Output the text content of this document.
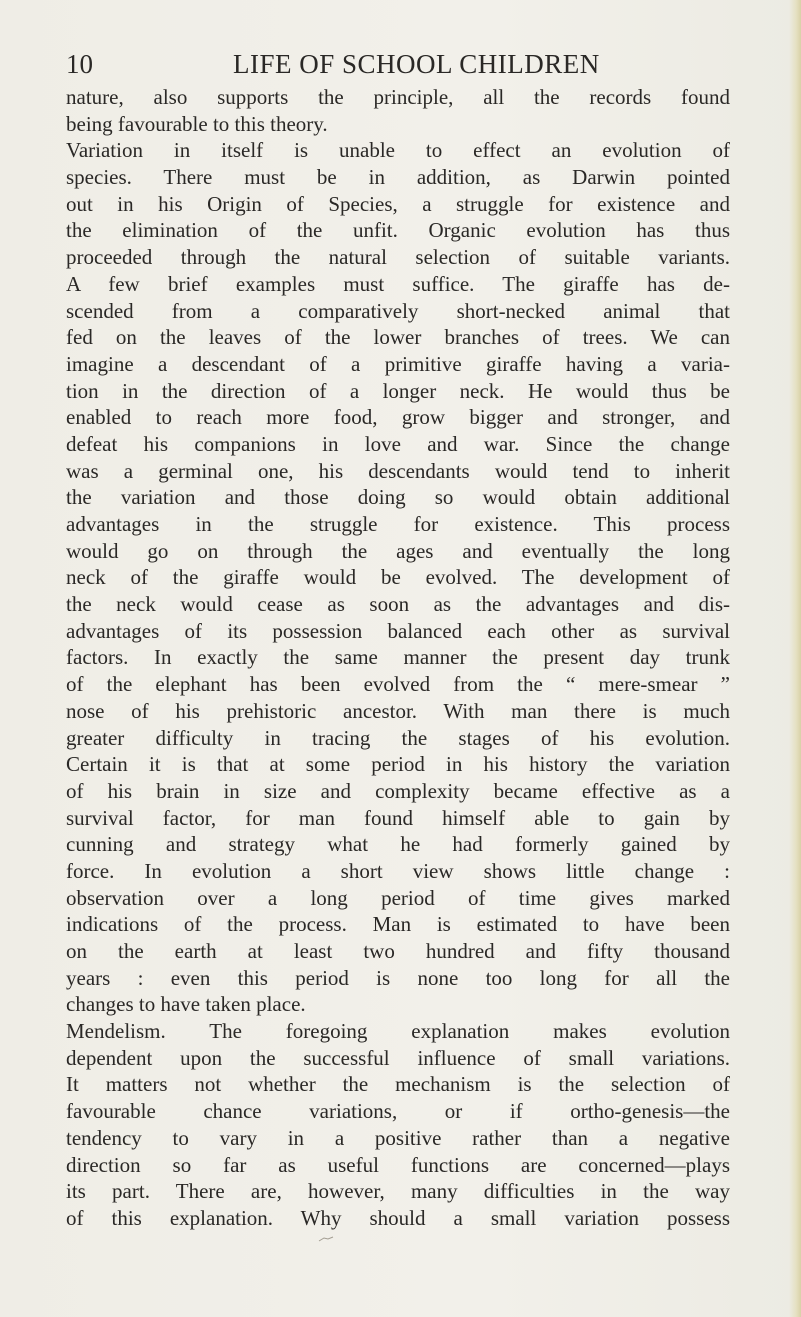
10	LIFE OF SCHOOL CHILDREN
nature, also supports the principle, all the records found
being favourable to this theory.
Variation in itself is unable to effect an evolution of
species. There must be in addition, as Darwin pointed
out in his Origin of Species, a struggle for existence and
the elimination of the unfit. Organic evolution has thus
proceeded through the natural selection of suitable variants.
A few brief examples must suffice. The giraffe has de-
scended from a comparatively short-necked animal that
fed on the leaves of the lower branches of trees. We can
imagine a descendant of a primitive giraffe having a varia-
tion in the direction of a longer neck. He would thus be
enabled to reach more food, grow bigger and stronger, and
defeat his companions in love and war. Since the change
was a germinal one, his descendants would tend to inherit
the variation and those doing so would obtain additional
advantages in the struggle for existence. This process
would go on through the ages and eventually the long
neck of the giraffe would be evolved. The development of
the neck would cease as soon as the advantages and dis-
advantages of its possession balanced each other as survival
factors. In exactly the same manner the present day trunk
of the elephant has been evolved from the “ mere-smear ”
nose of his prehistoric ancestor. With man there is much
greater difficulty in tracing the stages of his evolution.
Certain it is that at some period in his history the variation
of his brain in size and complexity became effective as a
survival factor, for man found himself able to gain by
cunning and strategy what he had formerly gained by
force. In evolution a short view shows little change :
observation over a long period of time gives marked
indications of the process. Man is estimated to have been
on the earth at least two hundred and fifty thousand
years : even this period is none too long for all the
changes to have taken place.
Mendelism. The foregoing explanation makes evolution
dependent upon the successful influence of small variations.
It matters not whether the mechanism is the selection of
favourable chance variations, or if ortho-genesis—the
tendency to vary in a positive rather than a negative
direction so far as useful functions are concerned—plays
its part. There are, however, many difficulties in the way
of this explanation. Why should a small variation possess
